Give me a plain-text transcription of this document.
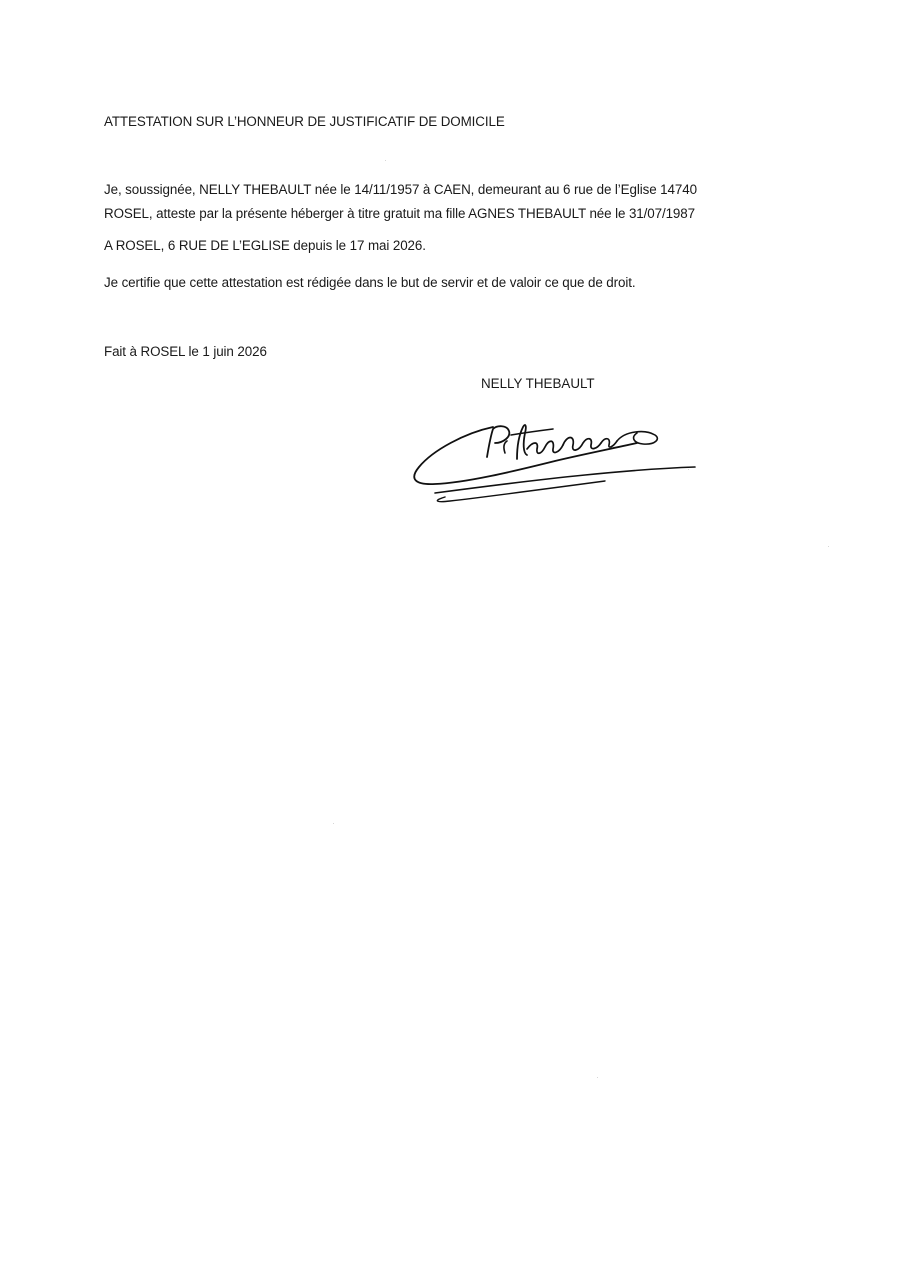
ATTESTATION SUR L’HONNEUR DE JUSTIFICATIF DE DOMICILE
Je, soussignée, NELLY THEBAULT née le 14/11/1957 à CAEN, demeurant au 6 rue de l’Eglise 14740
ROSEL, atteste par la présente héberger à titre gratuit ma fille AGNES THEBAULT née le 31/07/1987
A ROSEL, 6 RUE DE L’EGLISE depuis le 17 mai 2026.
Je certifie que cette attestation est rédigée dans le but de servir et de valoir ce que de droit.
Fait à ROSEL le 1 juin 2026
NELLY THEBAULT
